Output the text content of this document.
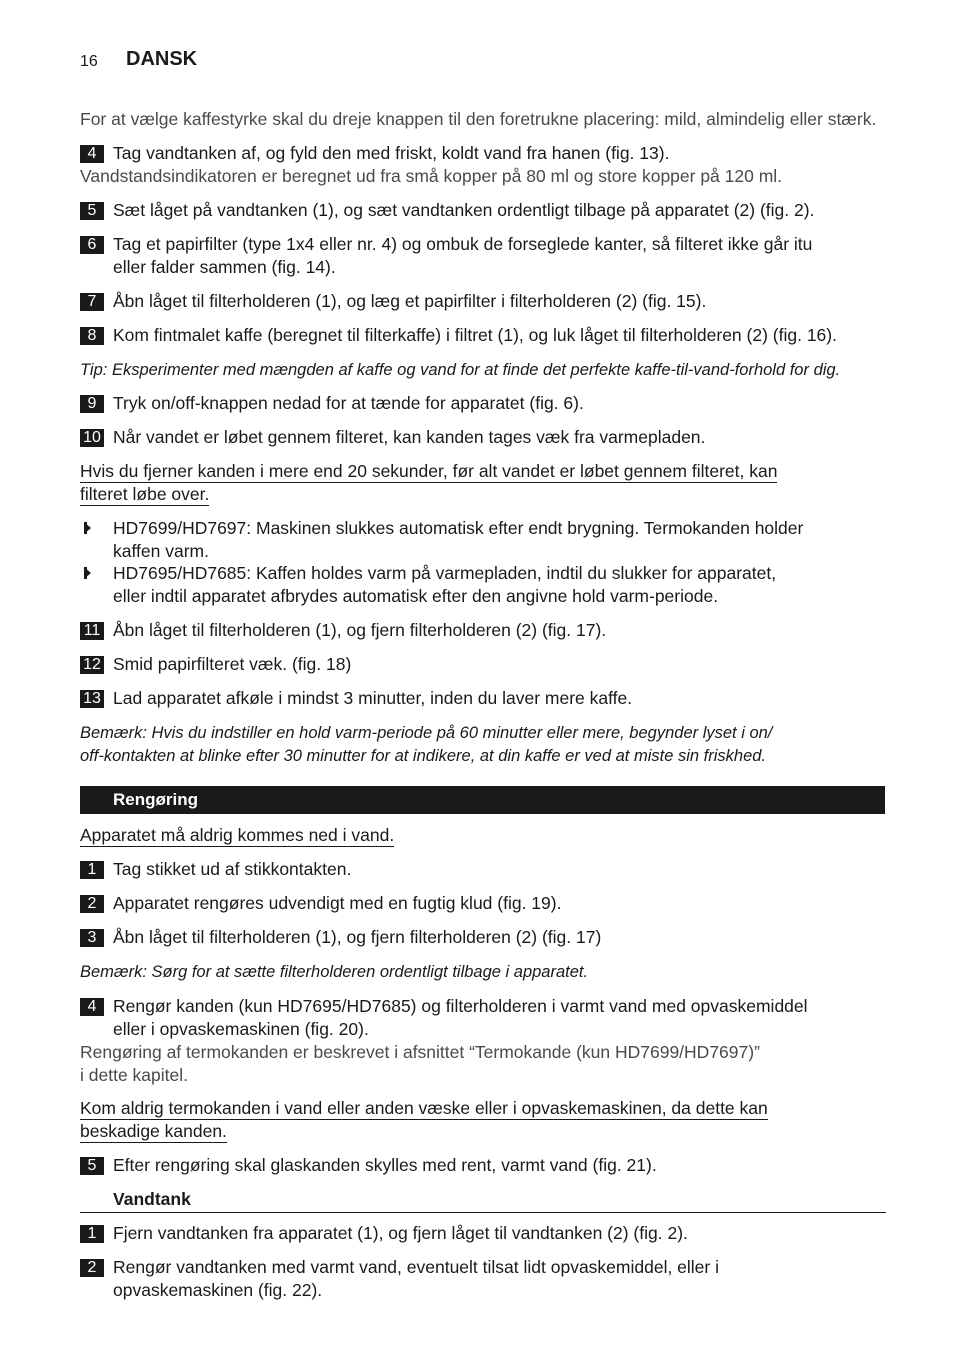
16 DANSK
For at vælge kaffestyrke skal du dreje knappen til den foretrukne placering: mild, almindelig eller stærk.
4 Tag vandtanken af, og fyld den med friskt, koldt vand fra hanen (fig. 13).
Vandstandsindikatoren er beregnet ud fra små kopper på 80 ml og store kopper på 120 ml.
5 Sæt låget på vandtanken (1), og sæt vandtanken ordentligt tilbage på apparatet (2) (fig. 2).
6 Tag et papirfilter (type 1x4 eller nr. 4) og ombuk de forseglede kanter, så filteret ikke går itu
eller falder sammen (fig. 14).
7 Åbn låget til filterholderen (1), og læg et papirfilter i filterholderen (2) (fig. 15).
8 Kom fintmalet kaffe (beregnet til filterkaffe) i filtret (1), og luk låget til filterholderen (2) (fig. 16).
Tip: Eksperimenter med mængden af kaffe og vand for at finde det perfekte kaffe-til-vand-forhold for dig.
9 Tryk on/off-knappen nedad for at tænde for apparatet (fig. 6).
10 Når vandet er løbet gennem filteret, kan kanden tages væk fra varmepladen.
Hvis du fjerner kanden i mere end 20 sekunder, før alt vandet er løbet gennem filteret, kan
filteret løbe over.
HD7699/HD7697: Maskinen slukkes automatisk efter endt brygning. Termokanden holder
kaffen varm.
HD7695/HD7685: Kaffen holdes varm på varmepladen, indtil du slukker for apparatet,
eller indtil apparatet afbrydes automatisk efter den angivne hold varm-periode.
11 Åbn låget til filterholderen (1), og fjern filterholderen (2) (fig. 17).
12 Smid papirfilteret væk. (fig. 18)
13 Lad apparatet afkøle i mindst 3 minutter, inden du laver mere kaffe.
Bemærk: Hvis du indstiller en hold varm-periode på 60 minutter eller mere, begynder lyset i on/
off-kontakten at blinke efter 30 minutter for at indikere, at din kaffe er ved at miste sin friskhed.
Rengøring
Apparatet må aldrig kommes ned i vand.
1 Tag stikket ud af stikkontakten.
2 Apparatet rengøres udvendigt med en fugtig klud (fig. 19).
3 Åbn låget til filterholderen (1), og fjern filterholderen (2) (fig. 17)
Bemærk: Sørg for at sætte filterholderen ordentligt tilbage i apparatet.
4 Rengør kanden (kun HD7695/HD7685) og filterholderen i varmt vand med opvaskemiddel
eller i opvaskemaskinen (fig. 20).
Rengøring af termokanden er beskrevet i afsnittet “Termokande (kun HD7699/HD7697)”
i dette kapitel.
Kom aldrig termokanden i vand eller anden væske eller i opvaskemaskinen, da dette kan
beskadige kanden.
5 Efter rengøring skal glaskanden skylles med rent, varmt vand (fig. 21).
Vandtank
1 Fjern vandtanken fra apparatet (1), og fjern låget til vandtanken (2) (fig. 2).
2 Rengør vandtanken med varmt vand, eventuelt tilsat lidt opvaskemiddel, eller i
opvaskemaskinen (fig. 22).
